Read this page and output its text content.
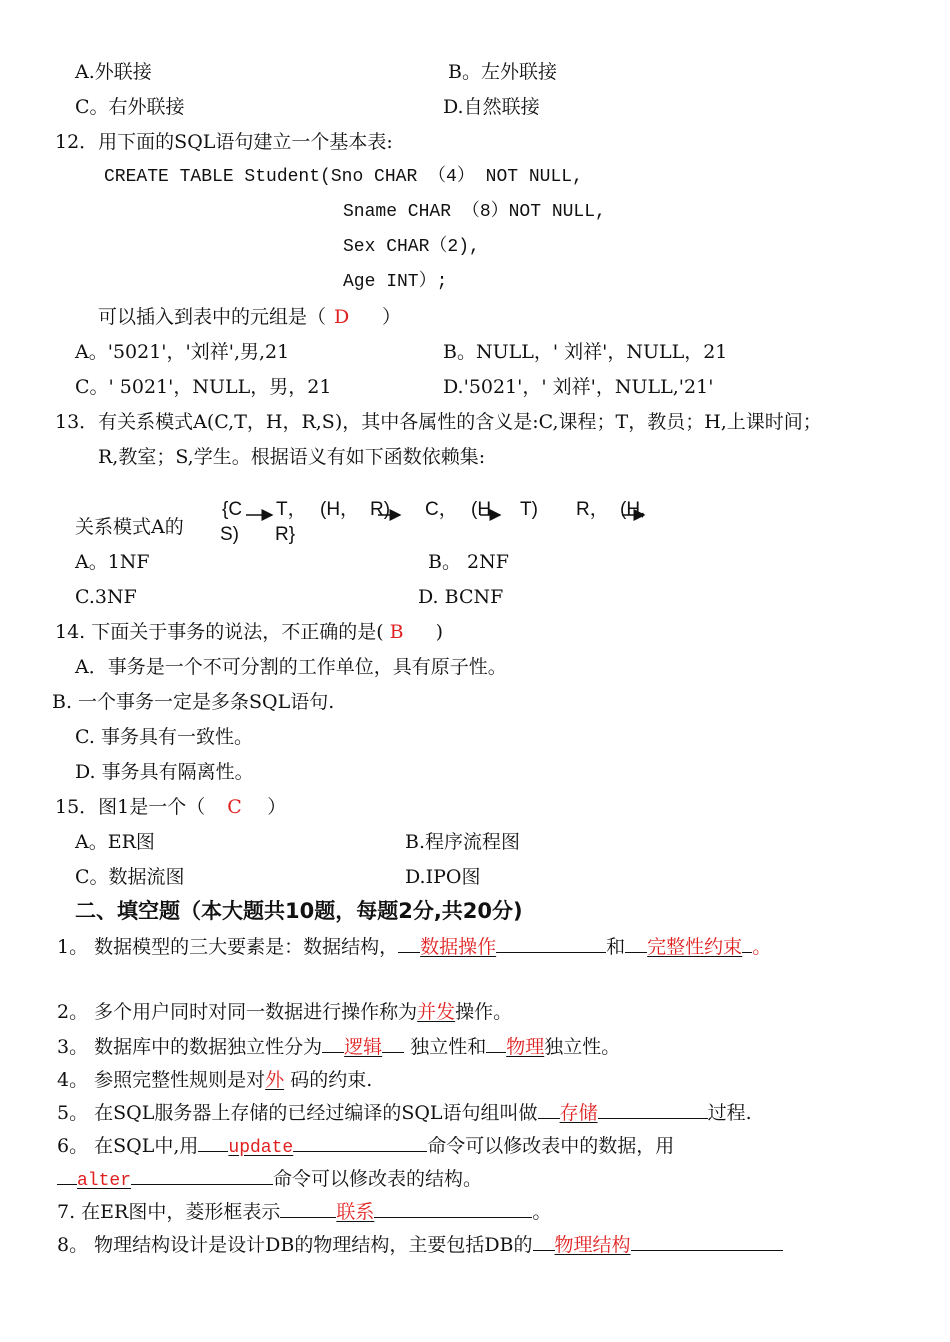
A.外联接	B。左外联接
C。右外联接	D.自然联接
12．用下面的SQL语句建立一个基本表:
CREATE TABLE Student(Sno CHAR （4） NOT NULL,
Sname CHAR （8）NOT NULL,
Sex CHAR（2),
Age INT）;
可以插入到表中的元组是（ D ）
A。'5021'，'刘祥',男,21	B。NULL，' 刘祥'，NULL，21
C。' 5021'，NULL，男，21	D.'5021'，' 刘祥'，NULL,'21'
13．有关系模式A(C,T，H，R,S)，其中各属性的含义是:C,课程；T，教员；H,上课时间；
R,教室；S,学生。根据语义有如下函数依赖集:
关系模式A的
{C T， (H， R) C， (H， T) R， (H,
S) R}
A。1NF	B。 2NF
C.3NF	D. BCNF
14. 下面关于事务的说法，不正确的是( B )
A．事务是一个不可分割的工作单位，具有原子性。
B. 一个事务一定是多条SQL语句.
C. 事务具有一致性。
D. 事务具有隔离性。
15．图1是一个（ C ）
A。ER图	B.程序流程图
C。数据流图	D.IPO图
二、填空题（本大题共10题，每题2分,共20分)
1。 数据模型的三大要素是：数据结构， 数据操作	和 完整性约束 。
2。 多个用户同时对同一数据进行操作称为并发操作。
3。 数据库中的数据独立性分为 逻辑 独立性和 物理独立性。
4。 参照完整性规则是对外 码的约束.
5。 在SQL服务器上存储的已经过编译的SQL语句组叫做 存储	过程.
6。 在SQL中,用 update	命令可以修改表中的数据，用
alter	命令可以修改表的结构。
7. 在ER图中，菱形框表示	联系	。
8。 物理结构设计是设计DB的物理结构，主要包括DB的 物理结构
